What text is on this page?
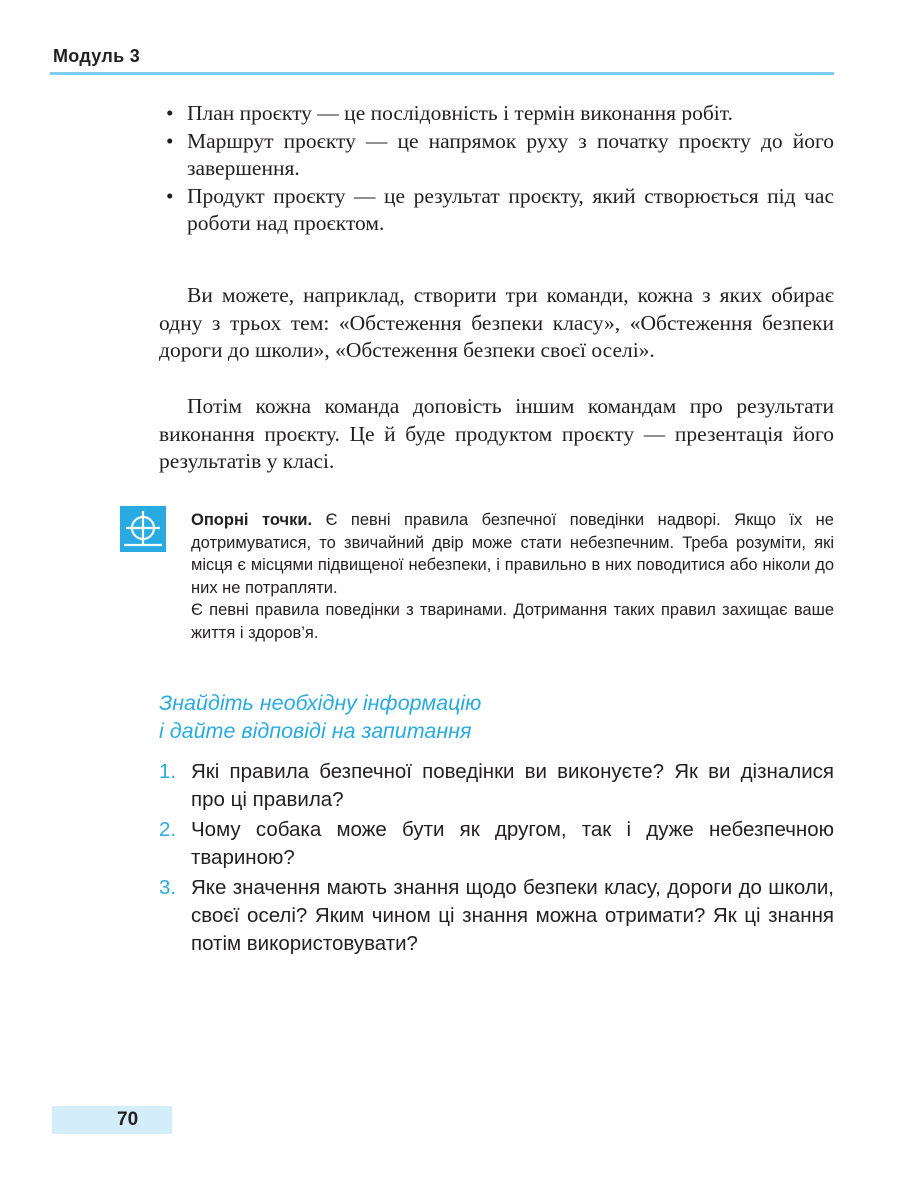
Модуль 3
• План проєкту — це послідовність і термін виконання робіт.
• Маршрут проєкту — це напрямок руху з початку проєкту до його завершення.
• Продукт проєкту — це результат проєкту, який створюється під час роботи над проєктом.

Ви можете, наприклад, створити три команди, кожна з яких обирає одну з трьох тем: «Обстеження безпеки класу», «Обстеження безпеки дороги до школи», «Обстеження безпеки своєї оселі».

Потім кожна команда доповість іншим командам про результати виконання проєкту. Це й буде продуктом проєкту — презентація його результатів у класі.

Опорні точки. Є певні правила безпечної поведінки надворі. Якщо їх не дотримуватися, то звичайний двір може стати небезпечним. Треба розуміти, які місця є місцями підвищеної небезпеки, і правильно в них поводитися або ніколи до них не потрапляти.
Є певні правила поведінки з тваринами. Дотримання таких правил захищає ваше життя і здоров’я.
Знайдіть необхідну інформацію
і дайте відповіді на запитання
1. Які правила безпечної поведінки ви виконуєте? Як ви дізналися про ці правила?
2. Чому собака може бути як другом, так і дуже небезпечною твариною?
3. Яке значення мають знання щодо безпеки класу, дороги до школи, своєї оселі? Яким чином ці знання можна отримати? Як ці знання потім використовувати?
70
